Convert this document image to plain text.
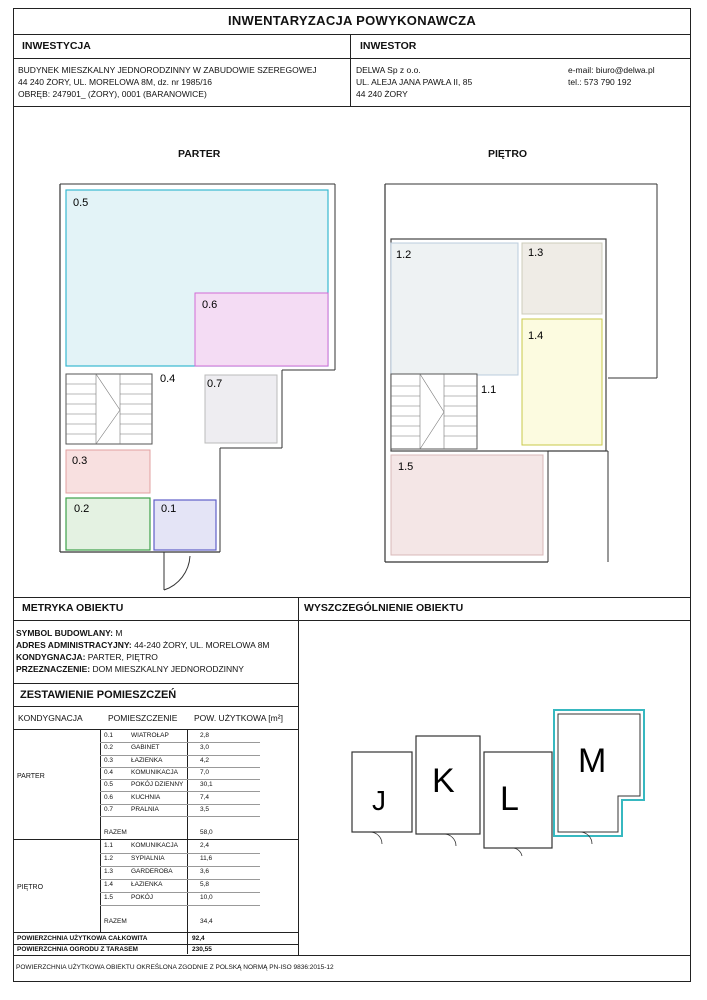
INWENTARYZACJA POWYKONAWCZA
INWESTYCJA	INWESTOR
BUDYNEK MIESZKALNY JEDNORODZINNY W ZABUDOWIE SZEREGOWEJ
44 240 ŻORY, UL. MORELOWA 8M, dz. nr 1985/16
OBRĘB: 247901_ (ŻORY), 0001 (BARANOWICE)
DELWA Sp z o.o.
UL. ALEJA JANA PAWŁA II, 85
44 240 ŻORY
e-mail: biuro@delwa.pl
tel.: 573 790 192
PARTER	PIĘTRO
0.5
0.6
0.4	0.7
0.3
0.2	0.1
1.2	1.3
1.4
1.1
1.5
METRYKA OBIEKTU	WYSZCZEGÓLNIENIE OBIEKTU
SYMBOL BUDOWLANY: M
ADRES ADMINISTRACYJNY: 44-240 ŻORY, UL. MORELOWA 8M
KONDYGNACJA: PARTER, PIĘTRO
PRZEZNACZENIE: DOM MIESZKALNY JEDNORODZINNY
ZESTAWIENIE POMIESZCZEŃ
KONDYGNACJA	POMIESZCZENIE POW. UŻYTKOWA [m²]
PARTER
0.1	WIATROŁAP	2,8
0.2	GABINET	3,0
0.3	ŁAZIENKA	4,2
0.4	KOMUNIKACJA	7,0
0.5	POKÓJ DZIENNY	30,1
0.6	KUCHNIA	7,4
0.7	PRALNIA	3,5
RAZEM	58,0
PIĘTRO
1.1	KOMUNIKACJA	2,4
1.2	SYPIALNIA	11,6
1.3	GARDEROBA	3,6
1.4	ŁAZIENKA	5,8
1.5	POKÓJ	10,0
RAZEM	34,4
POWIERZCHNIA UŻYTKOWA CAŁKOWITA	92,4
POWIERZCHNIA OGRODU Z TARASEM	230,55
J
K L
M
POWIERZCHNIA UŻYTKOWA OBIEKTU OKREŚLONA ZGODNIE Z POLSKĄ NORMĄ PN-ISO 9836:2015-12
